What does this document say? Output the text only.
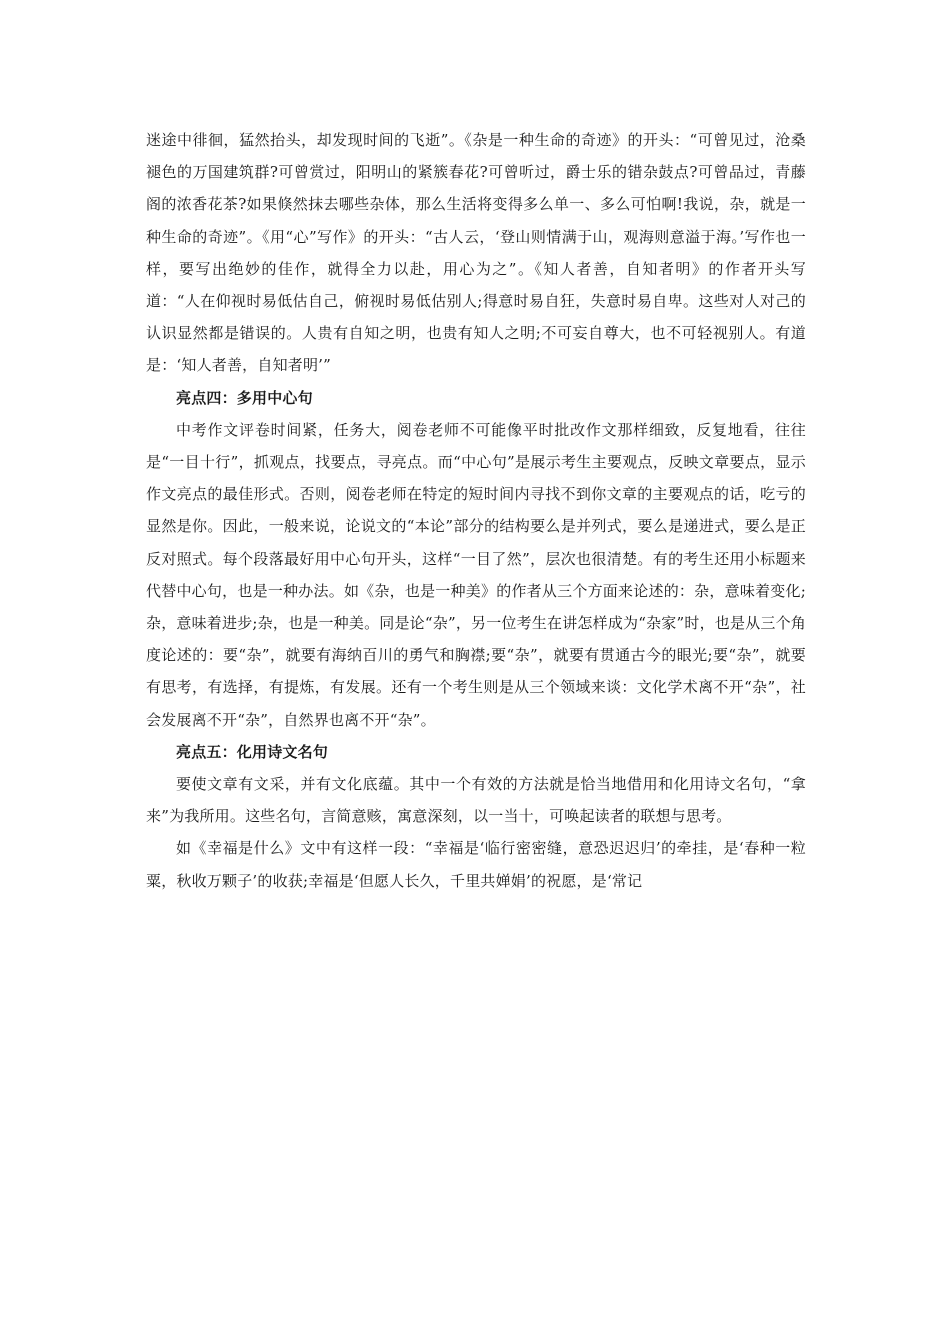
迷途中徘徊，猛然抬头，却发现时间的飞逝”。《杂是一种生命的奇迹》的开头：“可曾见过，沧桑褪色的万国建筑群?可曾赏过，阳明山的紧簇春花?可曾听过，爵士乐的错杂鼓点?可曾品过，青藤阁的浓香花茶?如果倏然抹去哪些杂体，那么生活将变得多么单一、多么可怕啊!我说，杂，就是一种生命的奇迹”。《用“心”写作》的开头：“古人云，‘登山则情满于山，观海则意溢于海。’写作也一样，要写出绝妙的佳作，就得全力以赴，用心为之”。《知人者善，自知者明》的作者开头写道：“人在仰视时易低估自己，俯视时易低估别人;得意时易自狂，失意时易自卑。这些对人对己的认识显然都是错误的。人贵有自知之明，也贵有知人之明;不可妄自尊大，也不可轻视别人。有道是：‘知人者善，自知者明’”

亮点四：多用中心句

中考作文评卷时间紧，任务大，阅卷老师不可能像平时批改作文那样细致，反复地看，往往是“一目十行”，抓观点，找要点，寻亮点。而“中心句”是展示考生主要观点，反映文章要点，显示作文亮点的最佳形式。否则，阅卷老师在特定的短时间内寻找不到你文章的主要观点的话，吃亏的显然是你。因此，一般来说，论说文的“本论”部分的结构要么是并列式，要么是递进式，要么是正反对照式。每个段落最好用中心句开头，这样“一目了然”，层次也很清楚。有的考生还用小标题来代替中心句，也是一种办法。如《杂，也是一种美》的作者从三个方面来论述的：杂，意味着变化;杂，意味着进步;杂，也是一种美。同是论“杂”，另一位考生在讲怎样成为“杂家”时，也是从三个角度论述的：要“杂”，就要有海纳百川的勇气和胸襟;要“杂”，就要有贯通古今的眼光;要“杂”，就要有思考，有选择，有提炼，有发展。还有一个考生则是从三个领域来谈：文化学术离不开“杂”，社会发展离不开“杂”，自然界也离不开“杂”。

亮点五：化用诗文名句

要使文章有文采，并有文化底蕴。其中一个有效的方法就是恰当地借用和化用诗文名句，“拿来”为我所用。这些名句，言简意赅，寓意深刻，以一当十，可唤起读者的联想与思考。

如《幸福是什么》文中有这样一段：“幸福是‘临行密密缝，意恐迟迟归’的牵挂，是‘春种一粒粟，秋收万颗子’的收获;幸福是‘但愿人长久，千里共婵娟’的祝愿，是‘常记
